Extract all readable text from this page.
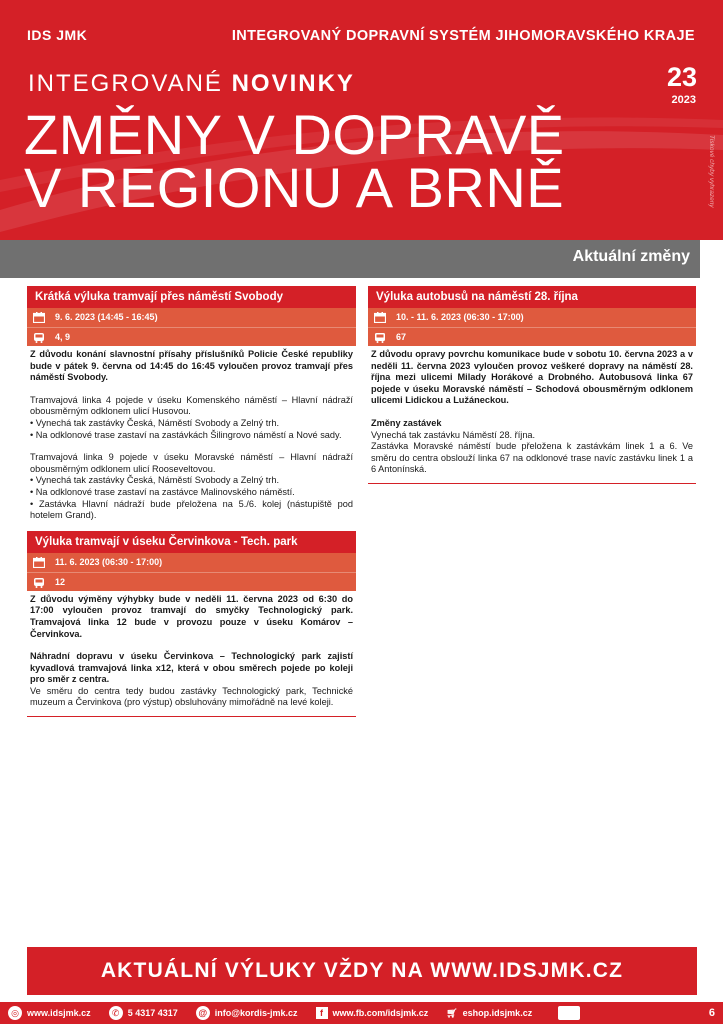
IDS JMK	INTEGROVANÝ DOPRAVNÍ SYSTÉM JIHOMORAVSKÉHO KRAJE
INTEGROVANÉ NOVINKY	23
2023
ZMĚNY V DOPRAVĚ
V REGIONU A BRNĚ	Tiskové chyby vyhrazeny
Aktuální změny
Krátká výluka tramvají přes náměstí Svobody
9. 6. 2023 (14:45 - 16:45)
4, 9

Z důvodu konání slavnostní přísahy příslušníků Policie České republiky bude v pátek 9. června od 14:45 do 16:45 vyloučen provoz tramvají přes náměstí Svobody.

Tramvajová linka 4 pojede v úseku Komenského náměstí – Hlavní nádraží obousměrným odklonem ulicí Husovou.
• Vynechá tak zastávky Česká, Náměstí Svobody a Zelný trh.
• Na odklonové trase zastaví na zastávkách Šilingrovo náměstí a Nové sady.

Tramvajová linka 9 pojede v úseku Moravské náměstí – Hlavní nádraží obousměrným odklonem ulicí Rooseveltovou.
• Vynechá tak zastávky Česká, Náměstí Svobody a Zelný trh.
• Na odklonové trase zastaví na zastávce Malinovského náměstí.
• Zastávka Hlavní nádraží bude přeložena na 5./6. kolej (nástupiště pod hotelem Grand).

Výluka tramvají v úseku Červinkova - Tech. park
11. 6. 2023 (06:30 - 17:00)
12

Z důvodu výměny výhybky bude v neděli 11. června 2023 od 6:30 do 17:00 vyloučen provoz tramvají do smyčky Technologický park. Tramvajová linka 12 bude v provozu pouze v úseku Komárov – Červinkova.

Náhradní dopravu v úseku Červinkova – Technologický park zajistí kyvadlová tramvajová linka x12, která v obou směrech pojede po koleji pro směr z centra.
Ve směru do centra tedy budou zastávky Technologický park, Technické muzeum a Červinkova (pro výstup) obsluhovány mimořádně na levé koleji.

Výluka autobusů na náměstí 28. října
10. - 11. 6. 2023 (06:30 - 17:00)
67

Z důvodu opravy povrchu komunikace bude v sobotu 10. června 2023 a v neděli 11. června 2023 vyloučen provoz veškeré dopravy na náměstí 28. října mezi ulicemi Milady Horákové a Drobného. Autobusová linka 67 pojede v úseku Moravské náměstí – Schodová obousměrným odklonem ulicemi Lidickou a Lužáneckou.

Změny zastávek
Vynechá tak zastávku Náměstí 28. října.
Zastávka Moravské náměstí bude přeložena k zastávkám linek 1 a 6. Ve směru do centra obslouží linka 67 na odklonové trase navíc zastávku linek 1 a 6 Antonínská.

AKTUÁLNÍ VÝLUKY VŽDY NA WWW.IDSJMK.CZ
◎ www.idsjmk.cz	✆ 5 4317 4317 @ info@kordis-jmk.cz	f	www.fb.com/idsjmk.cz 🛒︎ eshop.idsjmk.cz	6
